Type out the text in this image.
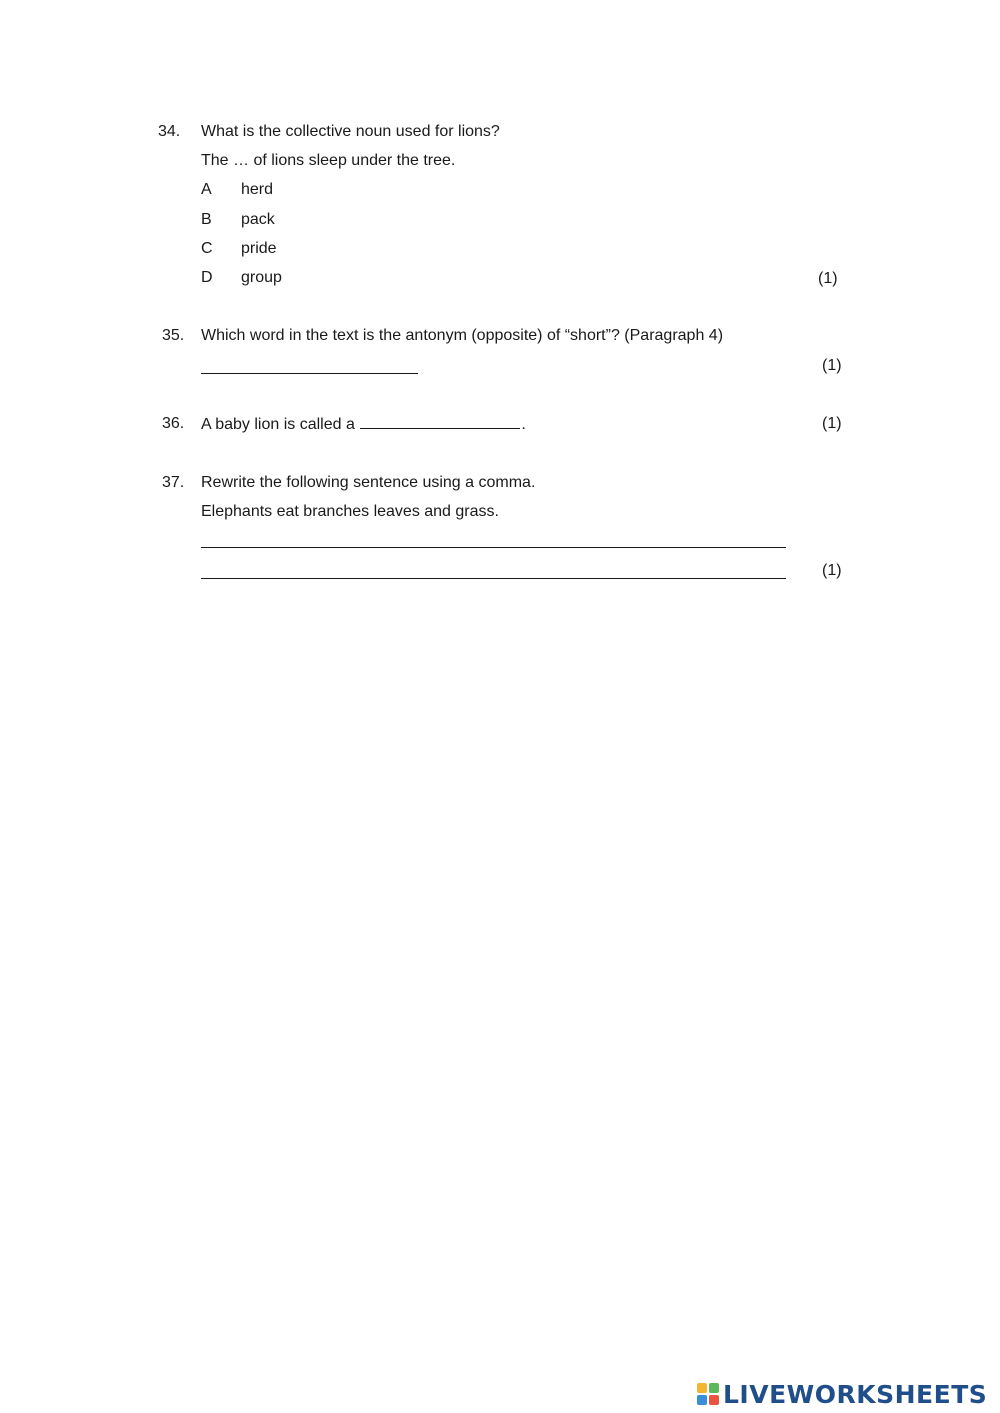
34. What is the collective noun used for lions?
The … of lions sleep under the tree.
A herd
B pack
C pride
D group	(1)
35. Which word in the text is the antonym (opposite) of “short”? (Paragraph 4)
(1)
36. A baby lion is called a	.	(1)
37. Rewrite the following sentence using a comma.
Elephants eat branches leaves and grass.
(1)
LIVEWORKSHEETS
